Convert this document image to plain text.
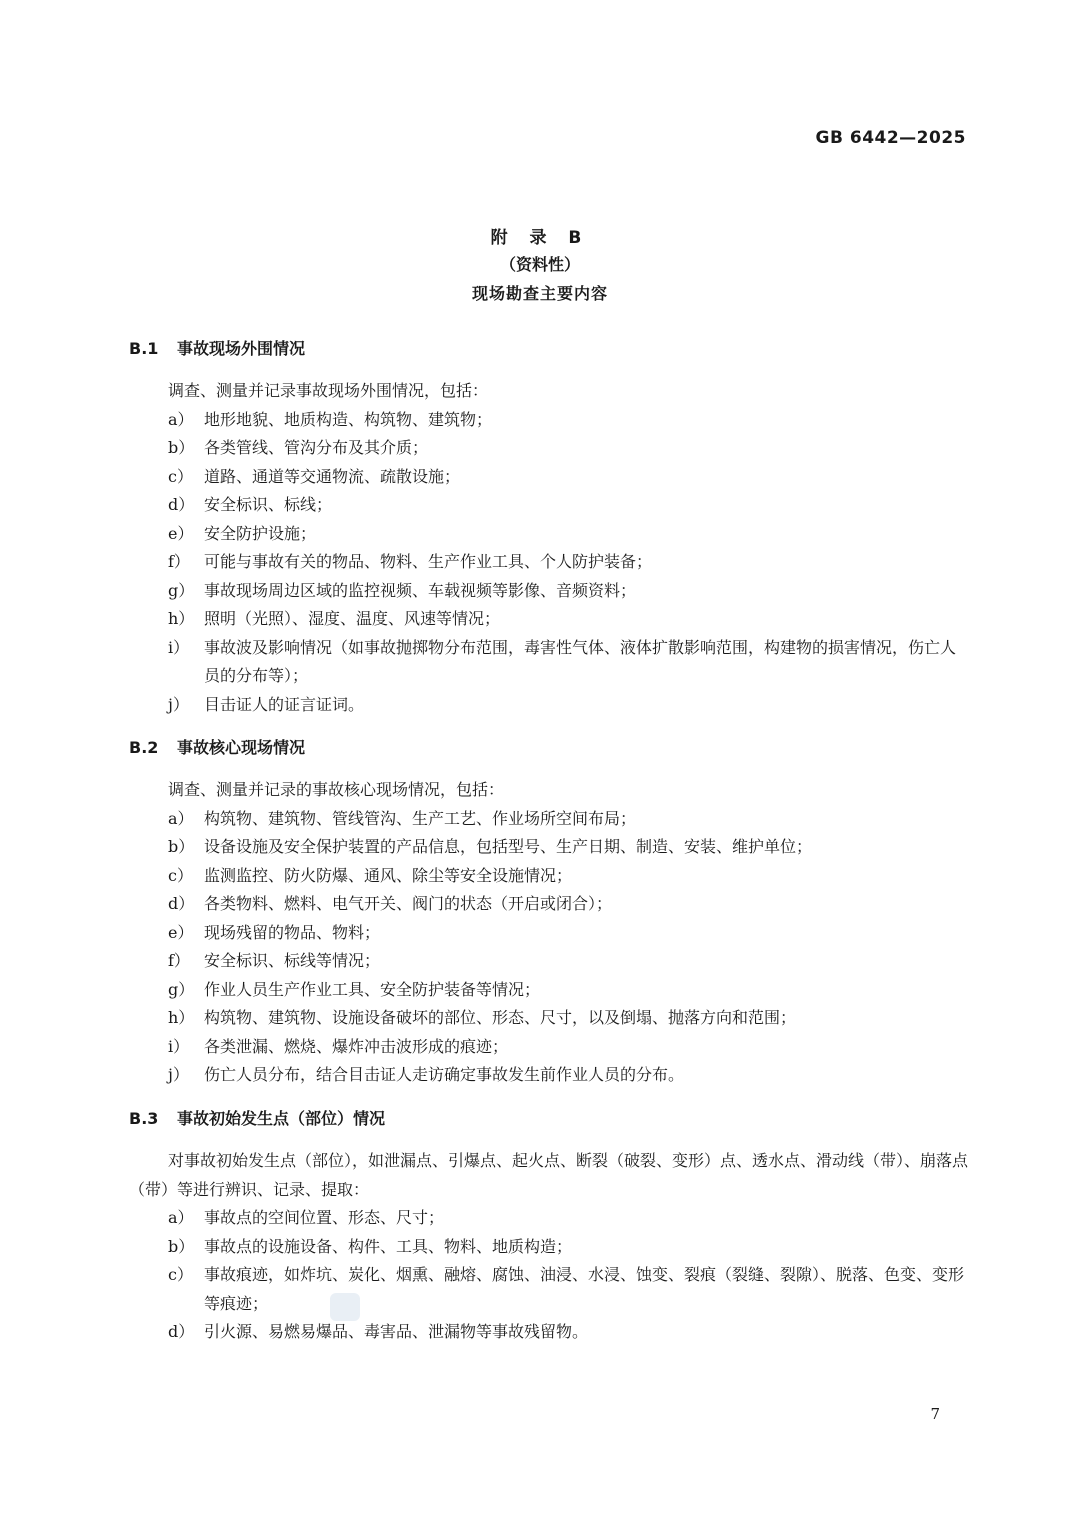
GB 6442—2025
附 录 B
（资料性）
现场勘查主要内容
B.1 事故现场外围情况
调查、测量并记录事故现场外围情况，包括：
a） 地形地貌、地质构造、构筑物、建筑物；
b） 各类管线、管沟分布及其介质；
c） 道路、通道等交通物流、疏散设施；
d） 安全标识、标线；
e） 安全防护设施；
f） 可能与事故有关的物品、物料、生产作业工具、个人防护装备；
g） 事故现场周边区域的监控视频、车载视频等影像、音频资料；
h） 照明（光照）、湿度、温度、风速等情况；
i） 事故波及影响情况（如事故抛掷物分布范围，毒害性气体、液体扩散影响范围，构建物的损害情况，伤亡人员的分布等）；
j） 目击证人的证言证词。
B.2 事故核心现场情况
调查、测量并记录的事故核心现场情况，包括：
a） 构筑物、建筑物、管线管沟、生产工艺、作业场所空间布局；
b） 设备设施及安全保护装置的产品信息，包括型号、生产日期、制造、安装、维护单位；
c） 监测监控、防火防爆、通风、除尘等安全设施情况；
d） 各类物料、燃料、电气开关、阀门的状态（开启或闭合）；
e） 现场残留的物品、物料；
f） 安全标识、标线等情况；
g） 作业人员生产作业工具、安全防护装备等情况；
h） 构筑物、建筑物、设施设备破坏的部位、形态、尺寸，以及倒塌、抛落方向和范围；
i） 各类泄漏、燃烧、爆炸冲击波形成的痕迹；
j） 伤亡人员分布，结合目击证人走访确定事故发生前作业人员的分布。
B.3 事故初始发生点（部位）情况
对事故初始发生点（部位），如泄漏点、引爆点、起火点、断裂（破裂、变形）点、透水点、滑动线（带）、崩落点（带）等进行辨识、记录、提取：
a） 事故点的空间位置、形态、尺寸；
b） 事故点的设施设备、构件、工具、物料、地质构造；
c） 事故痕迹，如炸坑、炭化、烟熏、融熔、腐蚀、油浸、水浸、蚀变、裂痕（裂缝、裂隙）、脱落、色变、变形等痕迹；
d） 引火源、易燃易爆品、毒害品、泄漏物等事故残留物。
7
